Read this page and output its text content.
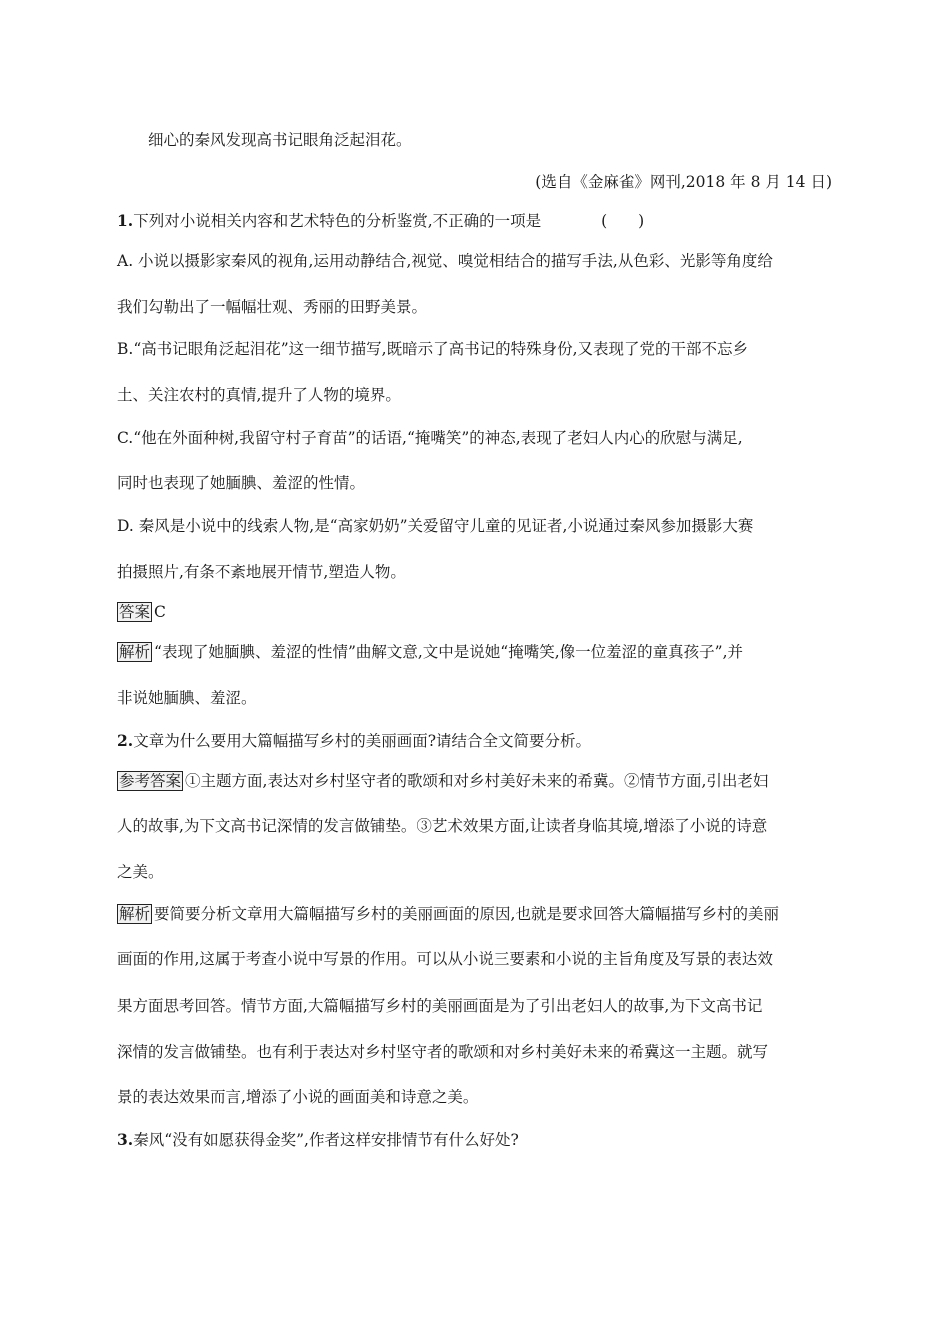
细心的秦风发现高书记眼角泛起泪花。
(选自《金麻雀》网刊,2018 年 8 月 14 日)
1.下列对小说相关内容和艺术特色的分析鉴赏,不正确的一项是	(　　)
A. 小说以摄影家秦风的视角,运用动静结合,视觉、嗅觉相结合的描写手法,从色彩、光影等角度给
我们勾勒出了一幅幅壮观、秀丽的田野美景。
B.“高书记眼角泛起泪花”这一细节描写,既暗示了高书记的特殊身份,又表现了党的干部不忘乡
土、关注农村的真情,提升了人物的境界。
C.“他在外面种树,我留守村子育苗”的话语,“掩嘴笑”的神态,表现了老妇人内心的欣慰与满足,
同时也表现了她腼腆、羞涩的性情。
D. 秦风是小说中的线索人物,是“高家奶奶”关爱留守儿童的见证者,小说通过秦风参加摄影大赛
拍摄照片,有条不紊地展开情节,塑造人物。
答案 C
解析 “表现了她腼腆、羞涩的性情”曲解文意,文中是说她“掩嘴笑,像一位羞涩的童真孩子”,并
非说她腼腆、羞涩。
2.文章为什么要用大篇幅描写乡村的美丽画面?请结合全文简要分析。
参考答案 ①主题方面,表达对乡村坚守者的歌颂和对乡村美好未来的希冀。②情节方面,引出老妇
人的故事,为下文高书记深情的发言做铺垫。③艺术效果方面,让读者身临其境,增添了小说的诗意
之美。
解析 要简要分析文章用大篇幅描写乡村的美丽画面的原因,也就是要求回答大篇幅描写乡村的美丽
画面的作用,这属于考查小说中写景的作用。可以从小说三要素和小说的主旨角度及写景的表达效
果方面思考回答。情节方面,大篇幅描写乡村的美丽画面是为了引出老妇人的故事,为下文高书记
深情的发言做铺垫。也有利于表达对乡村坚守者的歌颂和对乡村美好未来的希冀这一主题。就写
景的表达效果而言,增添了小说的画面美和诗意之美。
3.秦风“没有如愿获得金奖”,作者这样安排情节有什么好处?
